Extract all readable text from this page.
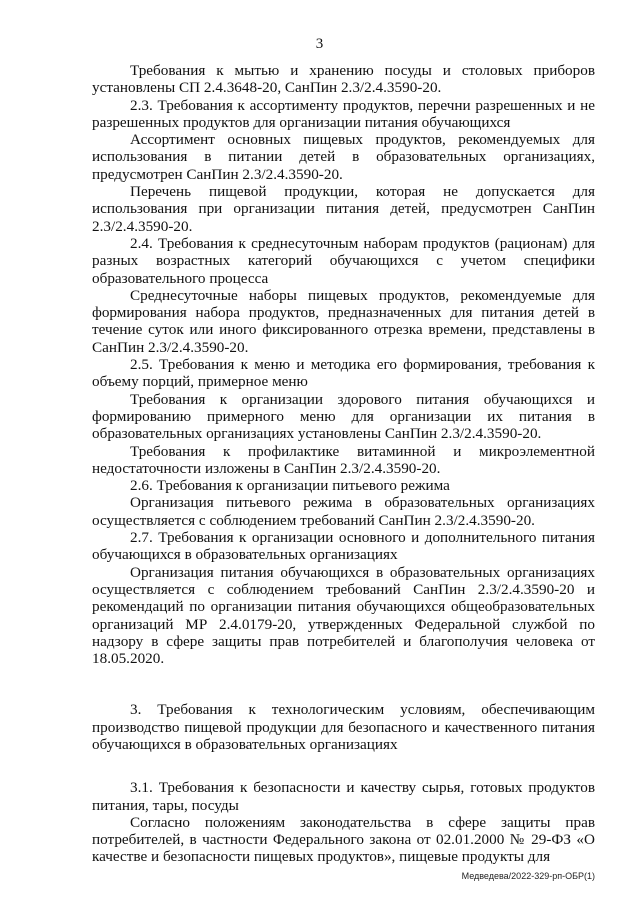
3

Требования к мытью и хранению посуды и столовых приборов установлены СП 2.4.3648-20, СанПин 2.3/2.4.3590-20.

2.3. Требования к ассортименту продуктов, перечни разрешенных и не разрешенных продуктов для организации питания обучающихся

Ассортимент основных пищевых продуктов, рекомендуемых для использования в питании детей в образовательных организациях, предусмотрен СанПин 2.3/2.4.3590-20.

Перечень пищевой продукции, которая не допускается для использования при организации питания детей, предусмотрен СанПин 2.3/2.4.3590-20.

2.4. Требования к среднесуточным наборам продуктов (рационам) для разных возрастных категорий обучающихся с учетом специфики образовательного процесса

Среднесуточные наборы пищевых продуктов, рекомендуемые для формирования набора продуктов, предназначенных для питания детей в течение суток или иного фиксированного отрезка времени, представлены в СанПин 2.3/2.4.3590-20.

2.5. Требования к меню и методика его формирования, требования к объему порций, примерное меню

Требования к организации здорового питания обучающихся и формированию примерного меню для организации их питания в образовательных организациях установлены СанПин 2.3/2.4.3590-20.

Требования к профилактике витаминной и микроэлементной недостаточности изложены в СанПин 2.3/2.4.3590-20.

2.6. Требования к организации питьевого режима

Организация питьевого режима в образовательных организациях осуществляется с соблюдением требований СанПин 2.3/2.4.3590-20.

2.7. Требования к организации основного и дополнительного питания обучающихся в образовательных организациях

Организация питания обучающихся в образовательных организациях осуществляется с соблюдением требований СанПин 2.3/2.4.3590-20 и рекомендаций по организации питания обучающихся общеобразовательных организаций МР 2.4.0179-20, утвержденных Федеральной службой по надзору в сфере защиты прав потребителей и благополучия человека от 18.05.2020.

3. Требования к технологическим условиям, обеспечивающим производство пищевой продукции для безопасного и качественного питания обучающихся в образовательных организациях

3.1. Требования к безопасности и качеству сырья, готовых продуктов питания, тары, посуды

Согласно положениям законодательства в сфере защиты прав потребителей, в частности Федерального закона от 02.01.2000 № 29-ФЗ «О качестве и безопасности пищевых продуктов», пищевые продукты для

Медведева/2022-329-рп-ОБР(1)
